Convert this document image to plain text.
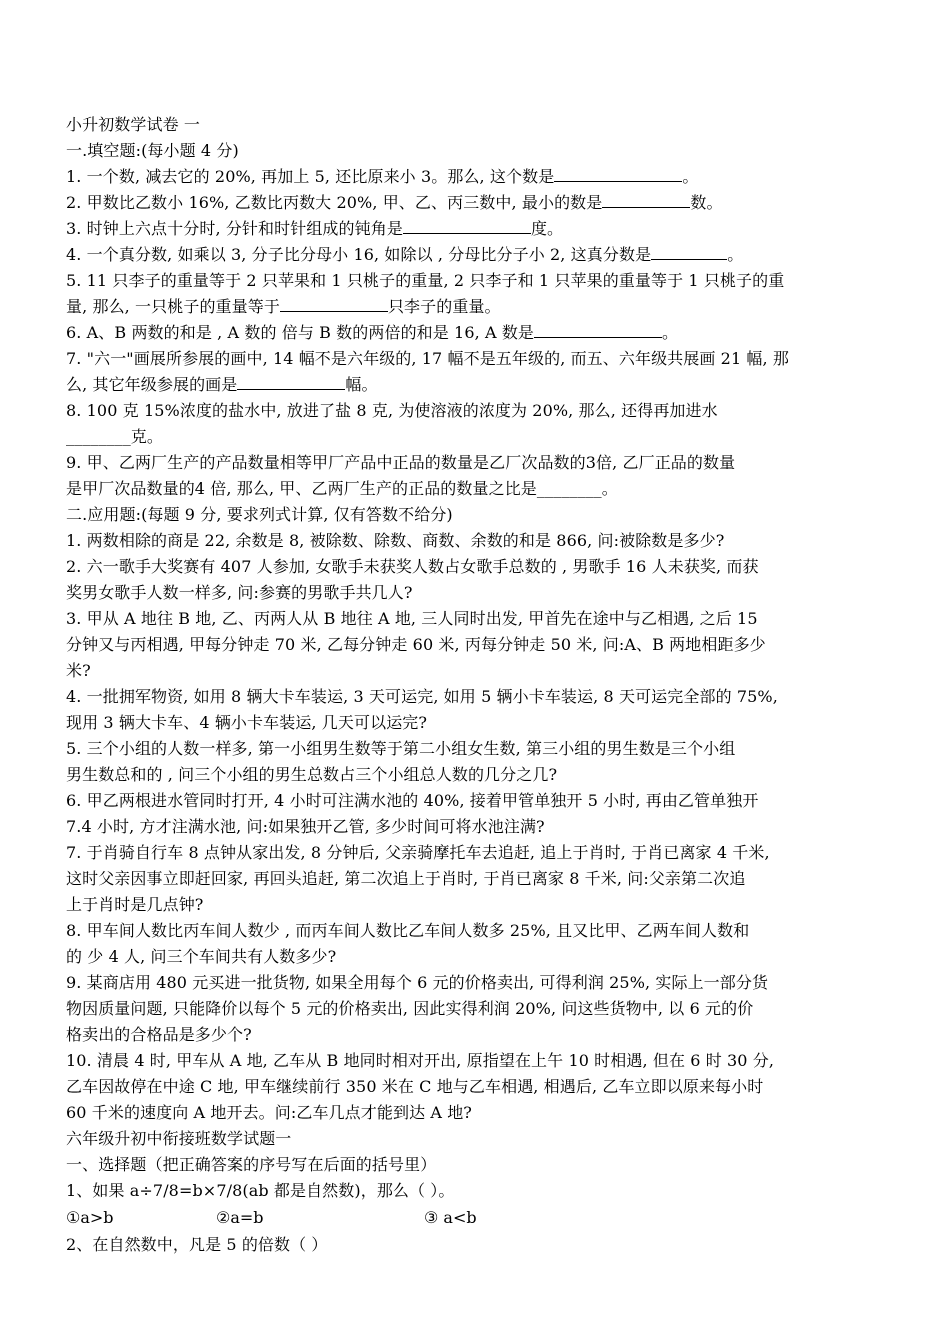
小升初数学试卷 一
一.填空题:(每小题 4 分)
1. 一个数, 减去它的 20%, 再加上 5, 还比原来小 3。那么, 这个数是	。
2. 甲数比乙数小 16%, 乙数比丙数大 20%, 甲、乙、丙三数中, 最小的数是	数。
3. 时钟上六点十分时, 分针和时针组成的钝角是	度。
4. 一个真分数, 如乘以 3, 分子比分母小 16, 如除以 , 分母比分子小 2, 这真分数是	。
5. 11 只李子的重量等于 2 只苹果和 1 只桃子的重量, 2 只李子和 1 只苹果的重量等于 1 只桃子的重
量, 那么, 一只桃子的重量等于	只李子的重量。
6. A、B 两数的和是 , A 数的 倍与 B 数的两倍的和是 16, A 数是	。
7. "六一"画展所参展的画中, 14 幅不是六年级的, 17 幅不是五年级的, 而五、六年级共展画 21 幅, 那
么, 其它年级参展的画是	幅。
8. 100 克 15%浓度的盐水中, 放进了盐 8 克, 为使溶液的浓度为 20%, 那么, 还得再加进水
________克。
9. 甲、乙两厂生产的产品数量相等甲厂产品中正品的数量是乙厂次品数的3倍, 乙厂正品的数量
是甲厂次品数量的4 倍, 那么, 甲、乙两厂生产的正品的数量之比是________。
二.应用题:(每题 9 分, 要求列式计算, 仅有答数不给分)
1. 两数相除的商是 22, 余数是 8, 被除数、除数、商数、余数的和是 866, 问:被除数是多少?
2. 六一歌手大奖赛有 407 人参加, 女歌手未获奖人数占女歌手总数的 , 男歌手 16 人未获奖, 而获
奖男女歌手人数一样多, 问:参赛的男歌手共几人?
3. 甲从 A 地往 B 地, 乙、丙两人从 B 地往 A 地, 三人同时出发, 甲首先在途中与乙相遇, 之后 15
分钟又与丙相遇, 甲每分钟走 70 米, 乙每分钟走 60 米, 丙每分钟走 50 米, 问:A、B 两地相距多少
米?
4. 一批拥军物资, 如用 8 辆大卡车装运, 3 天可运完, 如用 5 辆小卡车装运, 8 天可运完全部的 75%,
现用 3 辆大卡车、4 辆小卡车装运, 几天可以运完?
5. 三个小组的人数一样多, 第一小组男生数等于第二小组女生数, 第三小组的男生数是三个小组
男生数总和的 , 问三个小组的男生总数占三个小组总人数的几分之几?
6. 甲乙两根进水管同时打开, 4 小时可注满水池的 40%, 接着甲管单独开 5 小时, 再由乙管单独开
7.4 小时, 方才注满水池, 问:如果独开乙管, 多少时间可将水池注满?
7. 于肖骑自行车 8 点钟从家出发, 8 分钟后, 父亲骑摩托车去追赶, 追上于肖时, 于肖已离家 4 千米,
这时父亲因事立即赶回家, 再回头追赶, 第二次追上于肖时, 于肖已离家 8 千米, 问:父亲第二次追
上于肖时是几点钟?
8. 甲车间人数比丙车间人数少 , 而丙车间人数比乙车间人数多 25%, 且又比甲、乙两车间人数和
的 少 4 人, 问三个车间共有人数多少?
9. 某商店用 480 元买进一批货物, 如果全用每个 6 元的价格卖出, 可得利润 25%, 实际上一部分货
物因质量问题, 只能降价以每个 5 元的价格卖出, 因此实得利润 20%, 问这些货物中, 以 6 元的价
格卖出的合格品是多少个?
10. 清晨 4 时, 甲车从 A 地, 乙车从 B 地同时相对开出, 原指望在上午 10 时相遇, 但在 6 时 30 分,
乙车因故停在中途 C 地, 甲车继续前行 350 米在 C 地与乙车相遇, 相遇后, 乙车立即以原来每小时
60 千米的速度向 A 地开去。问:乙车几点才能到达 A 地?
六年级升初中衔接班数学试题一
一、选择题（把正确答案的序号写在后面的括号里）
1、如果 a÷7/8=b×7/8(ab 都是自然数)，那么（ ）。
①a>b	②a=b	③ a<b
2、在自然数中，凡是 5 的倍数（ ）
